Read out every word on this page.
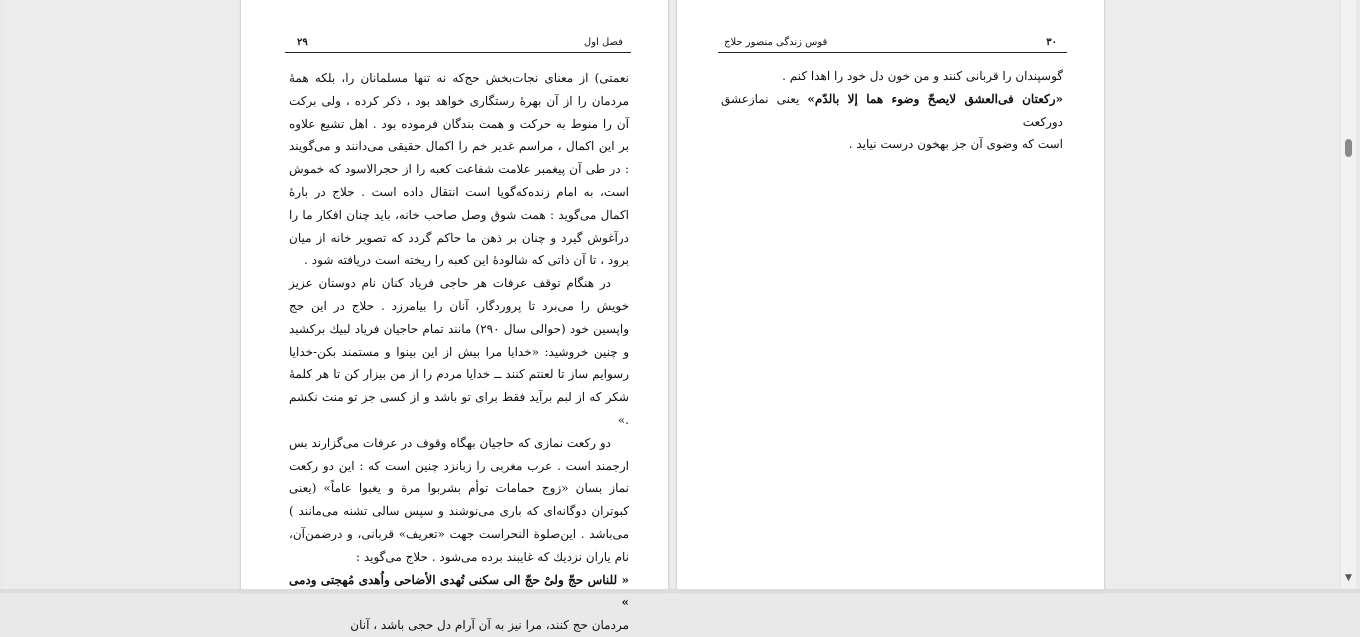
فصل اول
۲۹

نعمتی) از معنای نجات‌بخش حج‌که نه تنها مسلمانان را، بلکه همهٔ مردمان را از آن بهرهٔ رستگاری خواهد بود ، ذکر کرده ، ولی برکت آن را منوط به حرکت و همت بندگان فرموده بود . اهل تشیع علاوه بر این اکمال ، مراسم غدیر خم را اکمال حقیقی می‌دانند و می‌گویند : در طی آن پیغمبر علامت شفاعت کعبه را از حجرالاسود که خموش است، به امام زنده‌که‌گویا است انتقال داده است . حلاج در بارهٔ اکمال می‌گوید : همت شوق وصل صاحب خانه، باید چنان افکار ما را درآغوش گیرد و چنان بر ذهن ما حاکم گردد که تصویر خانه از میان برود ، تا آن ذاتی که شالودهٔ این کعبه را ریخته است دریافته شود .

در هنگام توقف عرفات هر حاجی فریاد کنان نام دوستان عزیز خویش را می‌برد تا پروردگار، آنان را بیامرزد . حلاج در این حج واپسین خود (حوالی سال ۲۹۰) مانند تمام حاجیان فریاد لبیك برکشید و چنین خروشید: «خدایا مرا بیش از این بینوا و مستمند بکن-خدایا رسوایم ساز تا لعنتم کنند ــ خدایا مردم را از من بیزار کن تا هر کلمهٔ شکر که از لبم برآید فقط برای تو باشد و از کسی جز تو منت نکشم .»

دو رکعت نمازی که حاجیان بهگاه وقوف در عرفات می‌گزارند بس ارجمند است . عرب مغربی را زبانزد چنین است که : این دو رکعت نماز بسان «زوج حمامات توأم بشربوا مرة و یغبوا عاماً» (یعنی کبوتران دوگانه‌ای که باری می‌نوشند و سپس سالی تشنه می‌مانند ) می‌باشد . این‌صلوة النحراست جهت «تعریف» قربانی، و درضمن‌آن، نام یاران نزدیك که غایبند برده می‌شود . حلاج می‌گوید :

« للناس حجّ ولیْ حجّ الی سکنی تُهدی الأضاحی واُهدی مُهجتی ودمی »

مردمان حج کنند، مرا نیز به آن آرام دل حجی باشد ، آنان

قوس زندگی منصور حلاج	۳۰

گوسپندان را قربانی کنند و من خون دل خود را اهدا کنم .

«رکعتان فی‌العشق لایصحّ وضوء هما إلا بالدّم» یعنی نمازعشق دورکعت

است که وضوی آن جز بهخون درست نیاید .

▼
